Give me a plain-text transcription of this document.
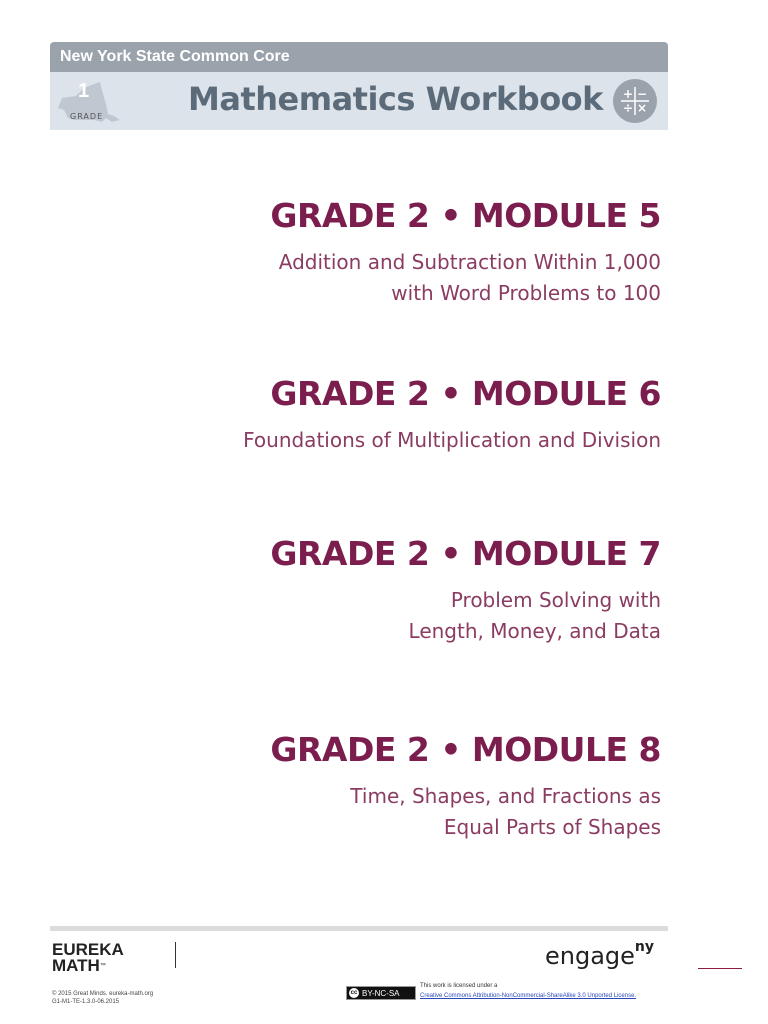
New York State Common Core
1
GRADE	Mathematics Workbook + −
÷ ×
GRADE 2 • MODULE 5
Addition and Subtraction Within 1,000
with Word Problems to 100
GRADE 2 • MODULE 6
Foundations of Multiplication and Division
GRADE 2 • MODULE 7
Problem Solving with
Length, Money, and Data
GRADE 2 • MODULE 8
Time, Shapes, and Fractions as
Equal Parts of Shapes
EUREKA
MATH™
© 2015 Great Minds. eureka-math.org
G1-M1-TE-1.3.0-06.2015
engage$^{ny}$
cc BY-NC-SA
This work is licensed under a
Creative Commons Attribution-NonCommercial-ShareAlike 3.0 Unported License.
